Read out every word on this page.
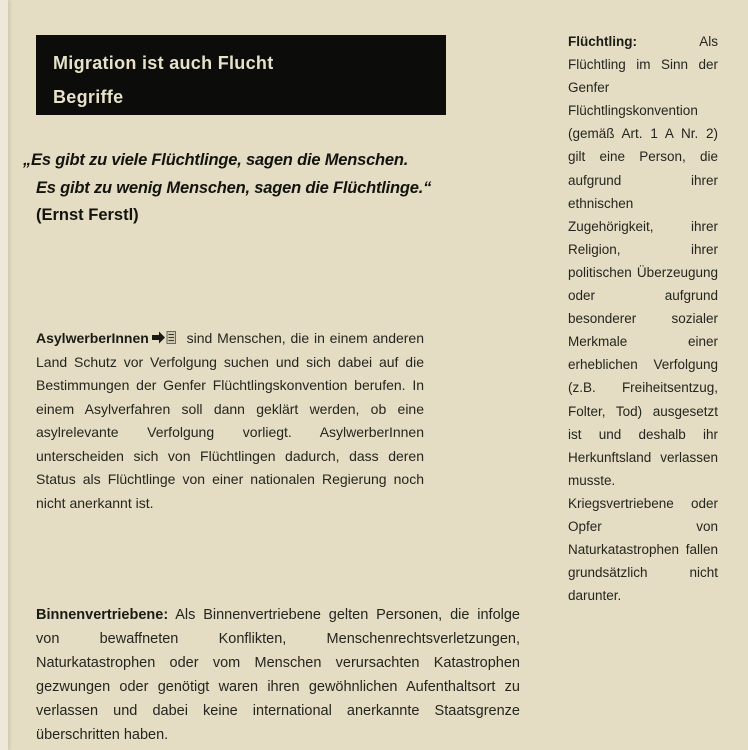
Migration ist auch Flucht
Begriffe
„Es gibt zu viele Flüchtlinge, sagen die Menschen.
Es gibt zu wenig Menschen, sagen die Flüchtlinge.“
(Ernst Ferstl)
AsylwerberInnen	sind Menschen, die in einem anderen Land Schutz vor Verfolgung suchen und sich dabei auf die Bestimmungen der Genfer Flüchtlingskonvention berufen. In einem Asylverfahren soll dann geklärt werden, ob eine asylrelevante Verfolgung vorliegt. AsylwerberInnen unterscheiden sich von Flüchtlingen dadurch, dass deren Status als Flüchtlinge von einer nationalen Regierung noch nicht anerkannt ist.
Flüchtling:	Als Flüchtling im Sinn der Genfer Flüchtlingskonvention (gemäß Art. 1 A Nr. 2) gilt eine Person, die aufgrund ihrer ethnischen Zugehörigkeit, ihrer Religion, ihrer politischen Überzeugung oder aufgrund besonderer sozialer Merkmale einer erheblichen Verfolgung (z.B. Freiheitsentzug, Folter, Tod) ausgesetzt ist und deshalb ihr Herkunftsland verlassen musste. Kriegsvertriebene oder Opfer von Naturkatastrophen fallen grundsätzlich nicht darunter.
Binnenvertriebene: Als Binnenvertriebene gelten Personen, die infolge von bewaffneten Konflikten, Menschenrechtsverletzungen, Naturkatastrophen oder vom Menschen verursachten Katastrophen gezwungen oder genötigt waren ihren gewöhnlichen Aufenthaltsort zu verlassen und dabei keine international anerkannte Staatsgrenze überschritten haben.
